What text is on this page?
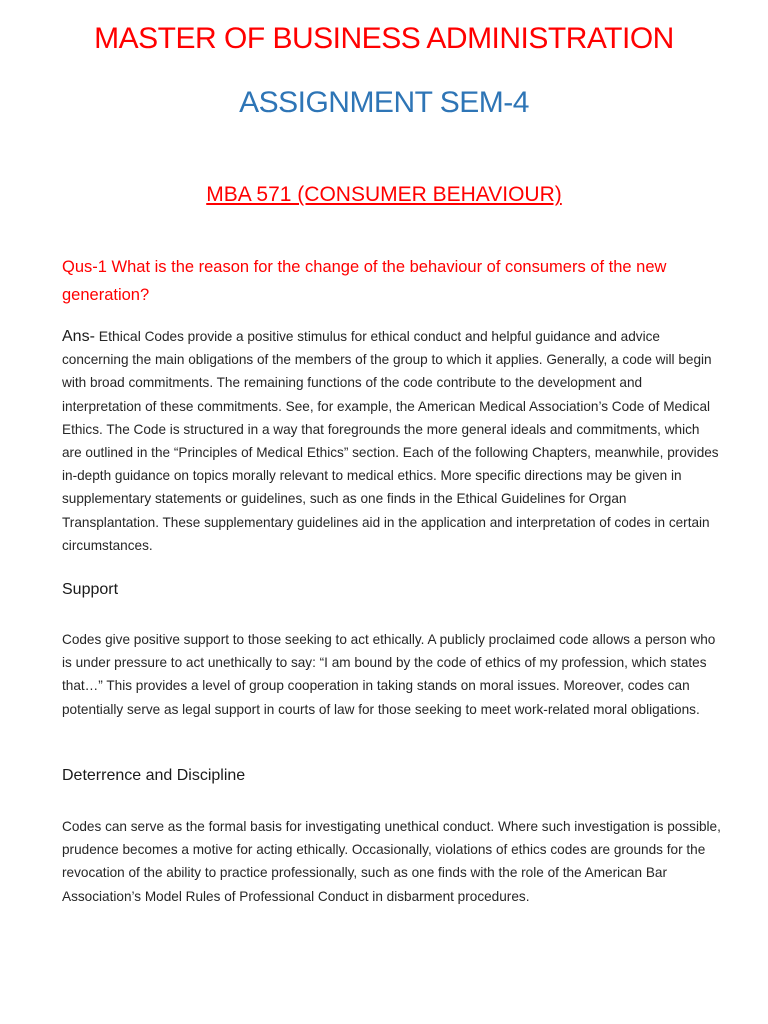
MASTER OF BUSINESS ADMINISTRATION
ASSIGNMENT SEM-4
MBA 571 (CONSUMER BEHAVIOUR)
Qus-1 What is the reason for the change of the behaviour of consumers of the new generation?
Ans- Ethical Codes provide a positive stimulus for ethical conduct and helpful guidance and advice concerning the main obligations of the members of the group to which it applies. Generally, a code will begin with broad commitments. The remaining functions of the code contribute to the development and interpretation of these commitments. See, for example, the American Medical Association’s Code of Medical Ethics. The Code is structured in a way that foregrounds the more general ideals and commitments, which are outlined in the “Principles of Medical Ethics” section. Each of the following Chapters, meanwhile, provides in-depth guidance on topics morally relevant to medical ethics. More specific directions may be given in supplementary statements or guidelines, such as one finds in the Ethical Guidelines for Organ Transplantation. These supplementary guidelines aid in the application and interpretation of codes in certain circumstances.
Support
Codes give positive support to those seeking to act ethically. A publicly proclaimed code allows a person who is under pressure to act unethically to say: “I am bound by the code of ethics of my profession, which states that…” This provides a level of group cooperation in taking stands on moral issues. Moreover, codes can potentially serve as legal support in courts of law for those seeking to meet work-related moral obligations.
Deterrence and Discipline
Codes can serve as the formal basis for investigating unethical conduct. Where such investigation is possible, prudence becomes a motive for acting ethically. Occasionally, violations of ethics codes are grounds for the revocation of the ability to practice professionally, such as one finds with the role of the American Bar Association’s Model Rules of Professional Conduct in disbarment procedures.
